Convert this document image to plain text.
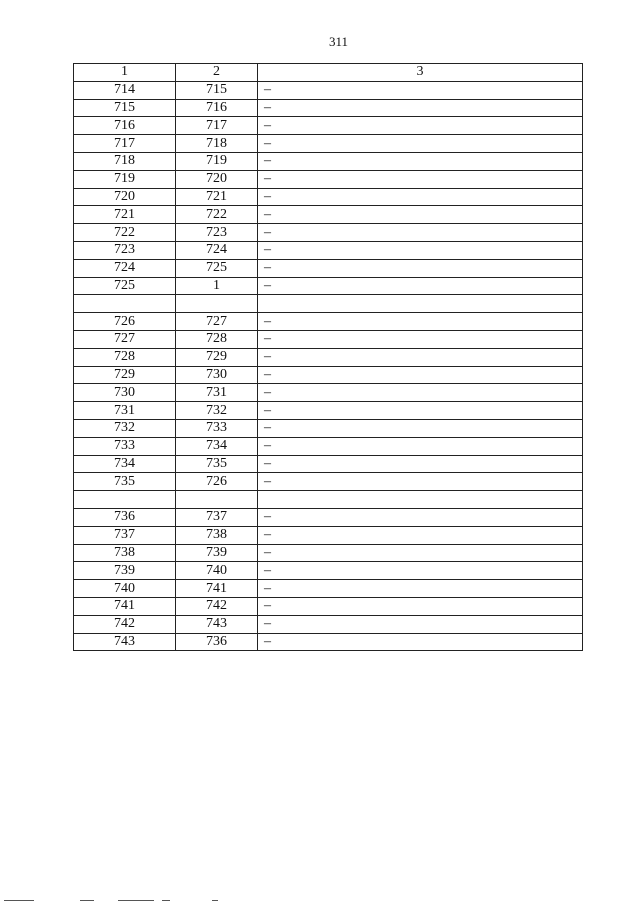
311
1	2	3
714	715	–
715	716	–
716	717	–
717	718	–
718	719	–
719	720	–
720	721	–
721	722	–
722	723	–
723	724	–
724	725	–
725	1	–

726	727	–
727	728	–
728	729	–
729	730	–
730	731	–
731	732	–
732	733	–
733	734	–
734	735	–
735	726	–

736	737	–
737	738	–
738	739	–
739	740	–
740	741	–
741	742	–
742	743	–
743	736	–
